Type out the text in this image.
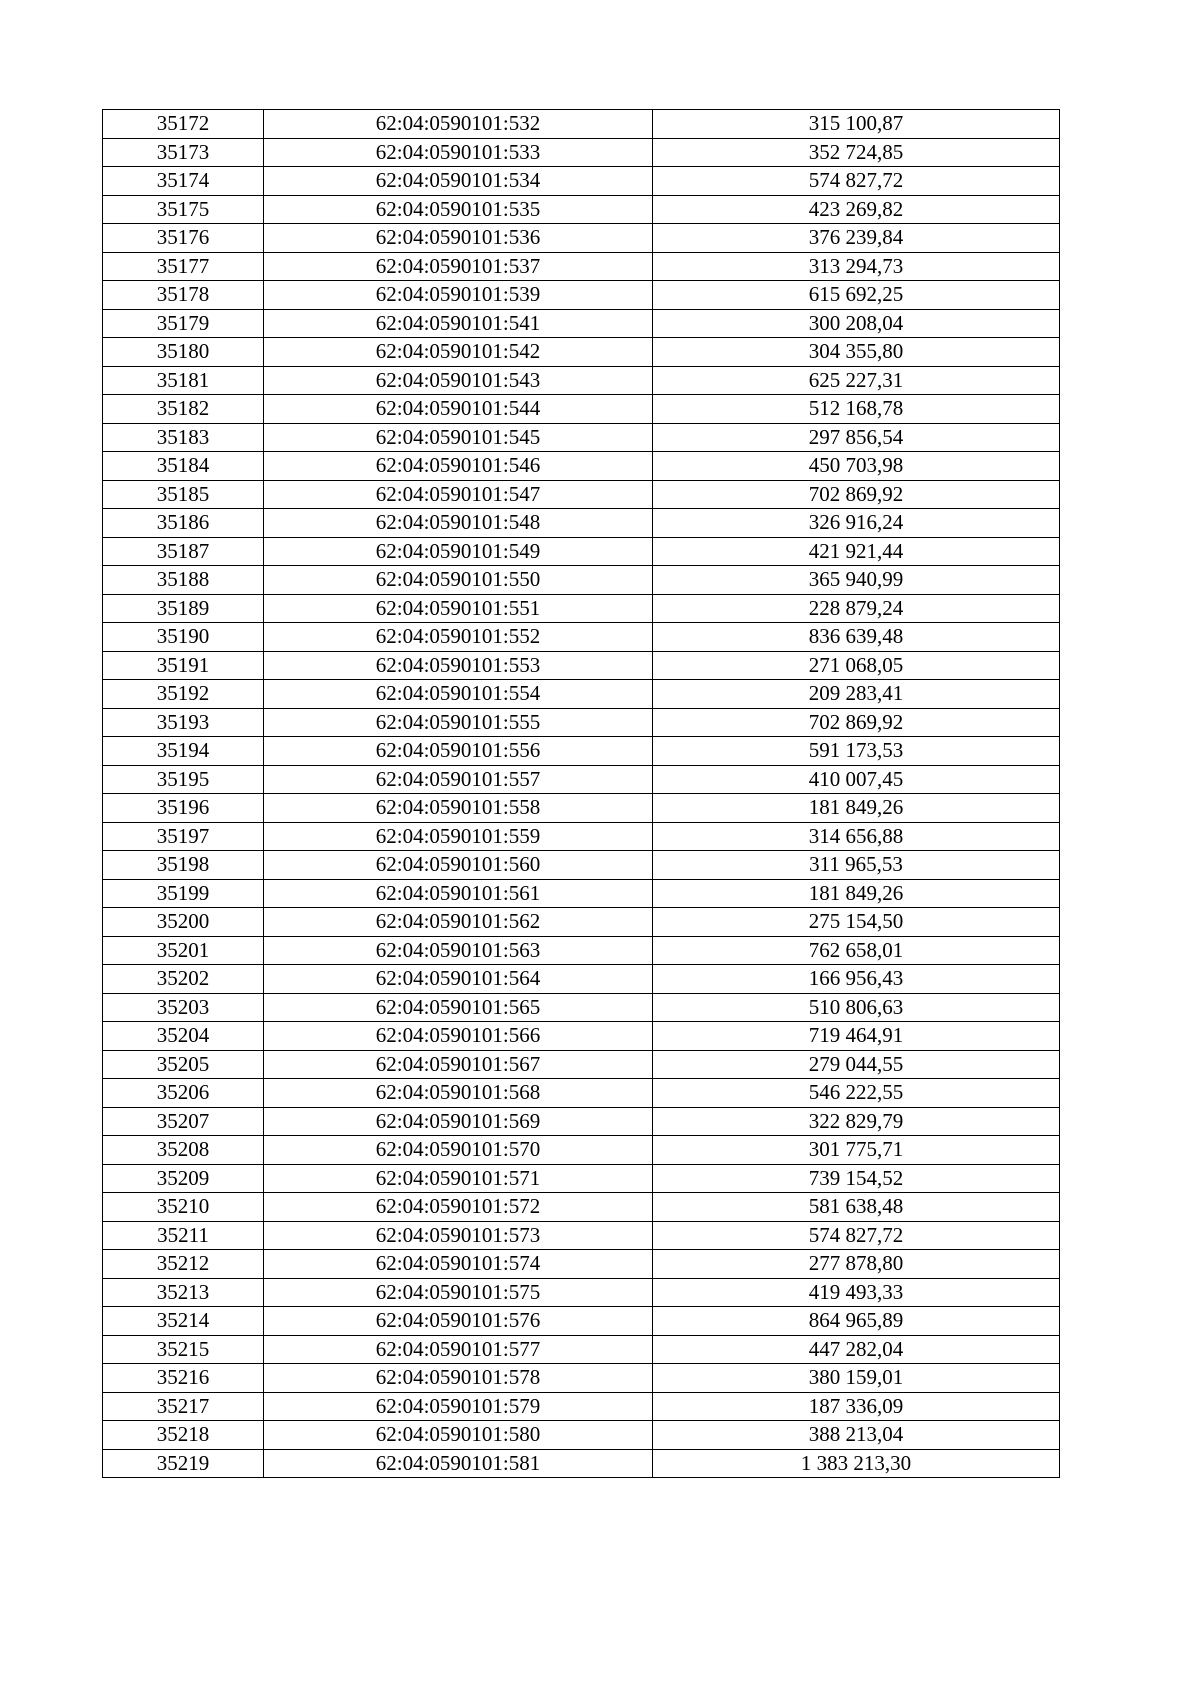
35172	62:04:0590101:532	315 100,87
35173	62:04:0590101:533	352 724,85
35174	62:04:0590101:534	574 827,72
35175	62:04:0590101:535	423 269,82
35176	62:04:0590101:536	376 239,84
35177	62:04:0590101:537	313 294,73
35178	62:04:0590101:539	615 692,25
35179	62:04:0590101:541	300 208,04
35180	62:04:0590101:542	304 355,80
35181	62:04:0590101:543	625 227,31
35182	62:04:0590101:544	512 168,78
35183	62:04:0590101:545	297 856,54
35184	62:04:0590101:546	450 703,98
35185	62:04:0590101:547	702 869,92
35186	62:04:0590101:548	326 916,24
35187	62:04:0590101:549	421 921,44
35188	62:04:0590101:550	365 940,99
35189	62:04:0590101:551	228 879,24
35190	62:04:0590101:552	836 639,48
35191	62:04:0590101:553	271 068,05
35192	62:04:0590101:554	209 283,41
35193	62:04:0590101:555	702 869,92
35194	62:04:0590101:556	591 173,53
35195	62:04:0590101:557	410 007,45
35196	62:04:0590101:558	181 849,26
35197	62:04:0590101:559	314 656,88
35198	62:04:0590101:560	311 965,53
35199	62:04:0590101:561	181 849,26
35200	62:04:0590101:562	275 154,50
35201	62:04:0590101:563	762 658,01
35202	62:04:0590101:564	166 956,43
35203	62:04:0590101:565	510 806,63
35204	62:04:0590101:566	719 464,91
35205	62:04:0590101:567	279 044,55
35206	62:04:0590101:568	546 222,55
35207	62:04:0590101:569	322 829,79
35208	62:04:0590101:570	301 775,71
35209	62:04:0590101:571	739 154,52
35210	62:04:0590101:572	581 638,48
35211	62:04:0590101:573	574 827,72
35212	62:04:0590101:574	277 878,80
35213	62:04:0590101:575	419 493,33
35214	62:04:0590101:576	864 965,89
35215	62:04:0590101:577	447 282,04
35216	62:04:0590101:578	380 159,01
35217	62:04:0590101:579	187 336,09
35218	62:04:0590101:580	388 213,04
35219	62:04:0590101:581	1 383 213,30
